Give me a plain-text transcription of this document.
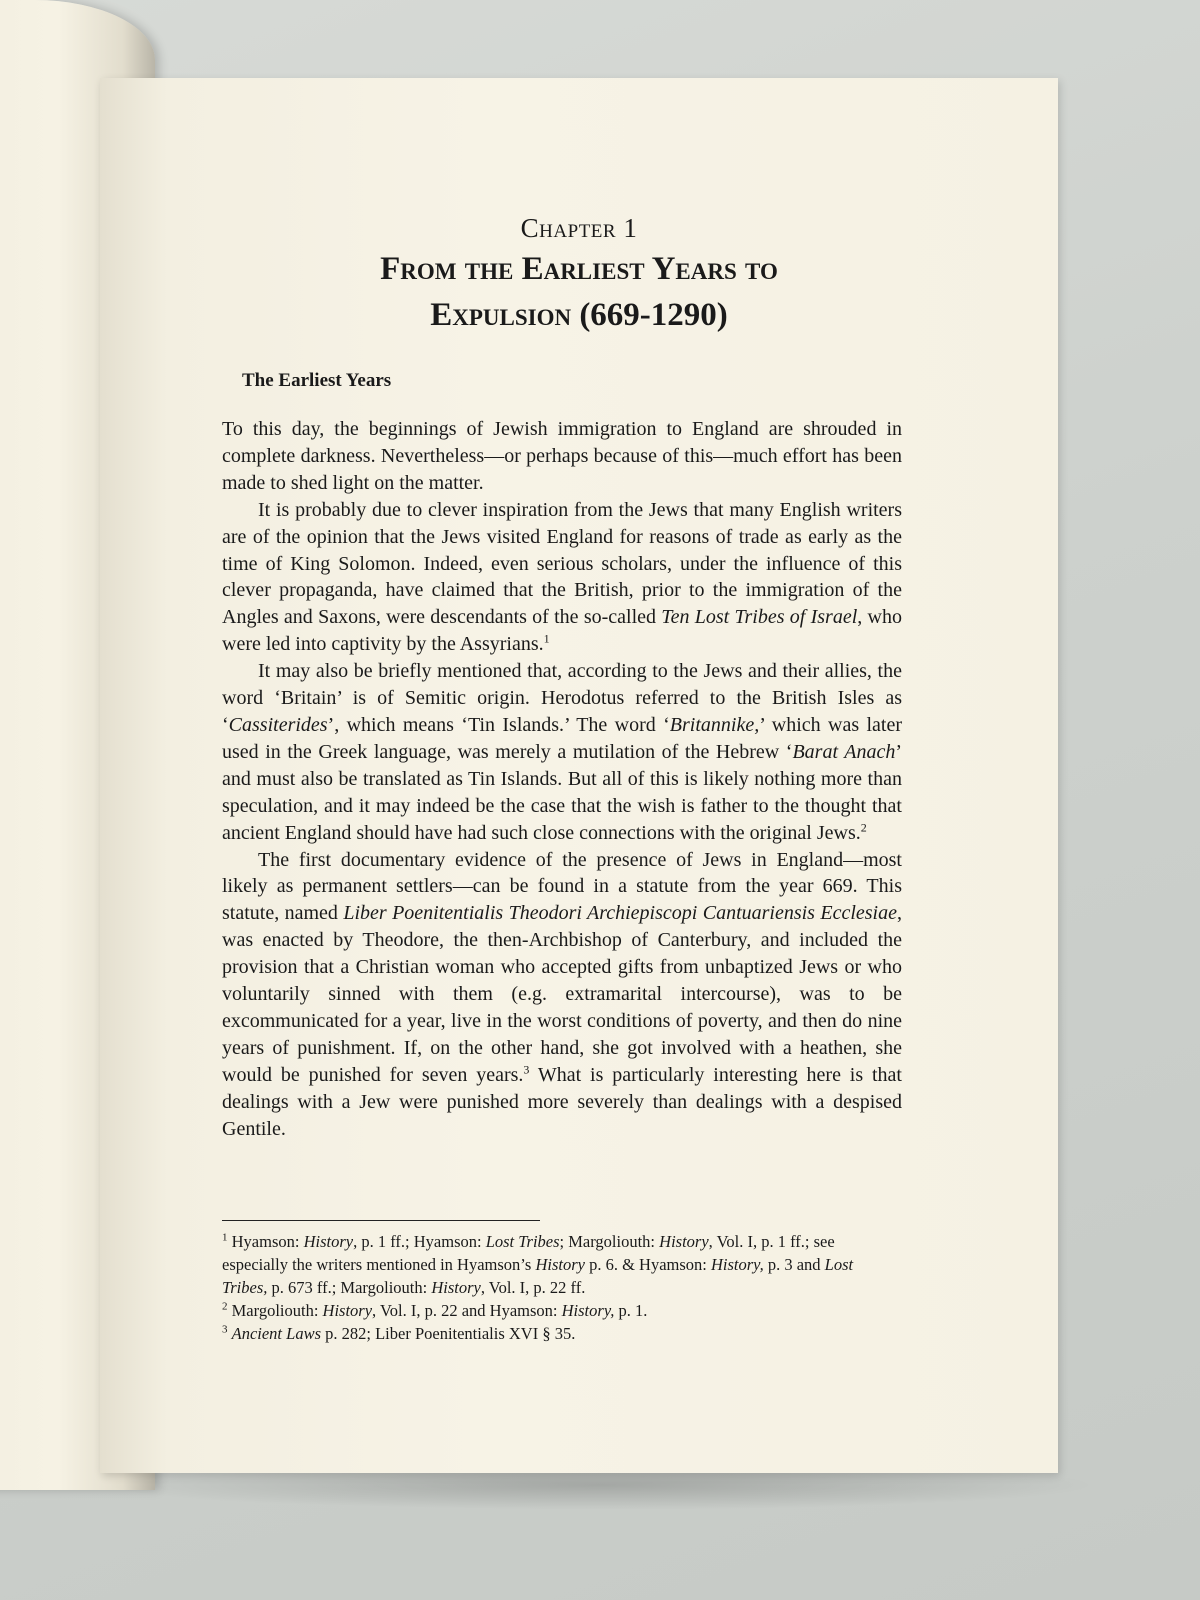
Chapter 1
From the Earliest Years to
Expulsion (669-1290)
The Earliest Years

To this day, the beginnings of Jewish immigration to England are shrouded in complete darkness. Nevertheless—or perhaps because of this—much effort has been made to shed light on the matter.

It is probably due to clever inspiration from the Jews that many English writers are of the opinion that the Jews visited England for reasons of trade as early as the time of King Solomon. Indeed, even serious scholars, under the influence of this clever propaganda, have claimed that the British, prior to the immigration of the Angles and Saxons, were descendants of the so-called Ten Lost Tribes of Israel, who were led into captivity by the Assyrians.$^1$

It may also be briefly mentioned that, according to the Jews and their allies, the word ‘Britain’ is of Semitic origin. Herodotus referred to the British Isles as ‘Cassiterides’, which means ‘Tin Islands.’ The word ‘Britannike,’ which was later used in the Greek language, was merely a mutilation of the Hebrew ‘Barat Anach’ and must also be translated as Tin Islands. But all of this is likely nothing more than speculation, and it may indeed be the case that the wish is father to the thought that ancient England should have had such close connections with the original Jews.$^2$

The first documentary evidence of the presence of Jews in England—most likely as permanent settlers—can be found in a statute from the year 669. This statute, named Liber Poenitentialis Theodori Archiepiscopi Cantuariensis Ecclesiae, was enacted by Theodore, the then-Archbishop of Canterbury, and included the provision that a Christian woman who accepted gifts from unbaptized Jews or who voluntarily sinned with them (e.g. extramarital intercourse), was to be excommunicated for a year, live in the worst conditions of poverty, and then do nine years of punishment. If, on the other hand, she got involved with a heathen, she would be punished for seven years.$^3$ What is particularly interesting here is that dealings with a Jew were punished more severely than dealings with a despised Gentile.

$^1$ Hyamson: History, p. 1 ff.; Hyamson: Lost Tribes; Margoliouth: History, Vol. I, p. 1 ff.; see especially the writers mentioned in Hyamson’s History p. 6. & Hyamson: History, p. 3 and Lost Tribes, p. 673 ff.; Margoliouth: History, Vol. I, p. 22 ff.
$^2$ Margoliouth: History, Vol. I, p. 22 and Hyamson: History, p. 1.
$^3$ Ancient Laws p. 282; Liber Poenitentialis XVI § 35.
